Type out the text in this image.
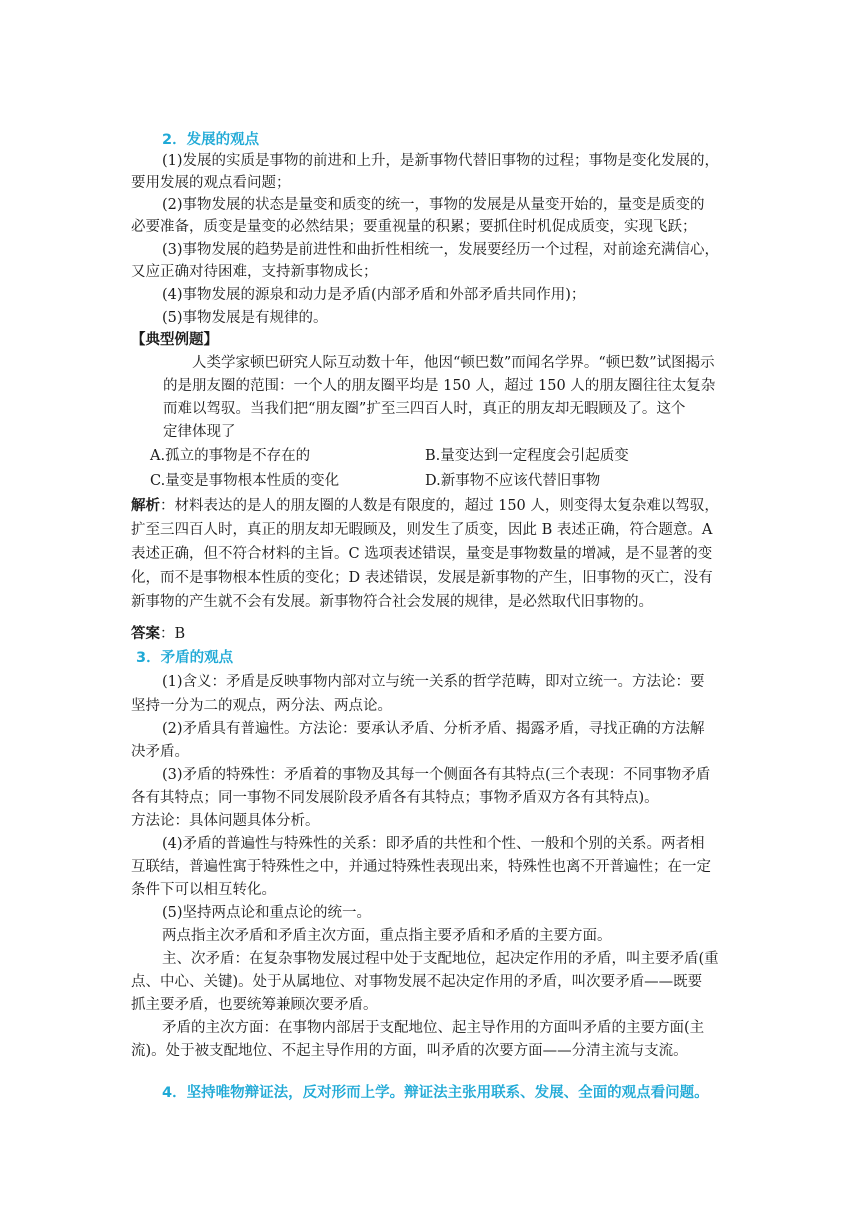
2．发展的观点
(1)发展的实质是事物的前进和上升，是新事物代替旧事物的过程；事物是变化发展的，
要用发展的观点看问题；
(2)事物发展的状态是量变和质变的统一，事物的发展是从量变开始的，量变是质变的
必要准备，质变是量变的必然结果；要重视量的积累；要抓住时机促成质变，实现飞跃；
(3)事物发展的趋势是前进性和曲折性相统一，发展要经历一个过程，对前途充满信心，
又应正确对待困难，支持新事物成长；
(4)事物发展的源泉和动力是矛盾(内部矛盾和外部矛盾共同作用)；
(5)事物发展是有规律的。
【典型例题】
人类学家顿巴研究人际互动数十年，他因“顿巴数”而闻名学界。“顿巴数”试图揭示
的是朋友圈的范围：一个人的朋友圈平均是 150 人，超过 150 人的朋友圈往往太复杂
而难以驾驭。当我们把“朋友圈”扩至三四百人时，真正的朋友却无暇顾及了。这个
定律体现了
A.孤立的事物是不存在的	B.量变达到一定程度会引起质变
C.量变是事物根本性质的变化	D.新事物不应该代替旧事物
解析：材料表达的是人的朋友圈的人数是有限度的，超过 150 人，则变得太复杂难以驾驭，
扩至三四百人时，真正的朋友却无暇顾及，则发生了质变，因此 B 表述正确，符合题意。A
表述正确，但不符合材料的主旨。C 选项表述错误，量变是事物数量的增减，是不显著的变
化，而不是事物根本性质的变化；D 表述错误，发展是新事物的产生，旧事物的灭亡，没有
新事物的产生就不会有发展。新事物符合社会发展的规律，是必然取代旧事物的。
答案：B
3．矛盾的观点
(1)含义：矛盾是反映事物内部对立与统一关系的哲学范畴，即对立统一。方法论：要
坚持一分为二的观点，两分法、两点论。
(2)矛盾具有普遍性。方法论：要承认矛盾、分析矛盾、揭露矛盾，寻找正确的方法解
决矛盾。
(3)矛盾的特殊性：矛盾着的事物及其每一个侧面各有其特点(三个表现：不同事物矛盾
各有其特点；同一事物不同发展阶段矛盾各有其特点；事物矛盾双方各有其特点)。
方法论：具体问题具体分析。
(4)矛盾的普遍性与特殊性的关系：即矛盾的共性和个性、一般和个别的关系。两者相
互联结，普遍性寓于特殊性之中，并通过特殊性表现出来，特殊性也离不开普遍性；在一定
条件下可以相互转化。
(5)坚持两点论和重点论的统一。
两点指主次矛盾和矛盾主次方面，重点指主要矛盾和矛盾的主要方面。
主、次矛盾：在复杂事物发展过程中处于支配地位，起决定作用的矛盾，叫主要矛盾(重
点、中心、关键)。处于从属地位、对事物发展不起决定作用的矛盾，叫次要矛盾——既要
抓主要矛盾，也要统筹兼顾次要矛盾。
矛盾的主次方面：在事物内部居于支配地位、起主导作用的方面叫矛盾的主要方面(主
流)。处于被支配地位、不起主导作用的方面，叫矛盾的次要方面——分清主流与支流。
4．坚持唯物辩证法，反对形而上学。辩证法主张用联系、发展、全面的观点看问题。
